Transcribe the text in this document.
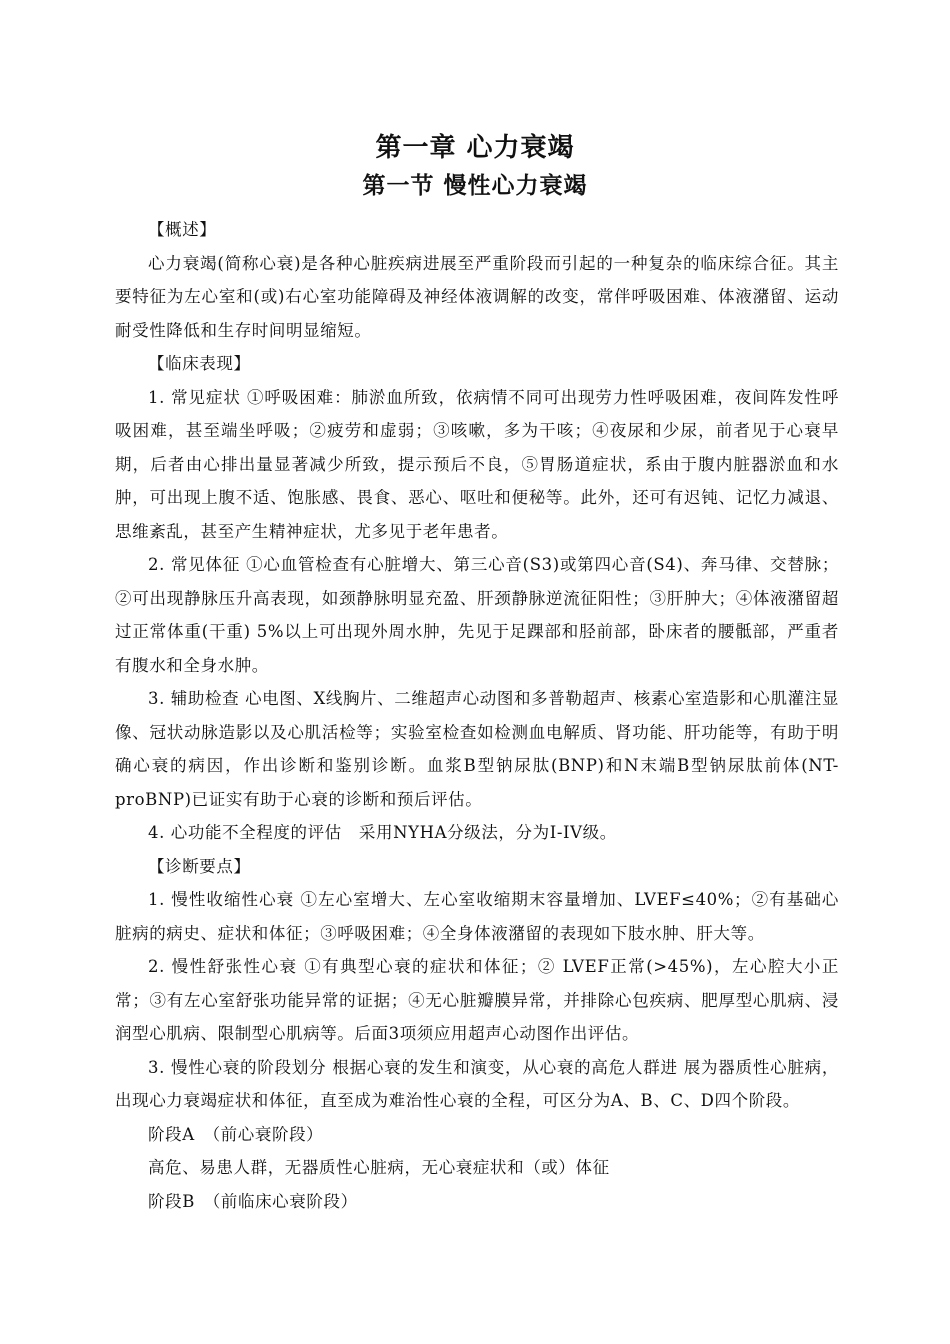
第一章 心力衰竭
第一节 慢性心力衰竭

【概述】

心力衰竭(简称心衰)是各种心脏疾病进展至严重阶段而引起的一种复杂的临床综合征。其主要特征为左心室和(或)右心室功能障碍及神经体液调解的改变，常伴呼吸困难、体液潴留、运动耐受性降低和生存时间明显缩短。

【临床表现】

1. 常见症状 ①呼吸困难：肺淤血所致，依病情不同可出现劳力性呼吸困难，夜间阵发性呼吸困难，甚至端坐呼吸；②疲劳和虚弱；③咳嗽，多为干咳；④夜尿和少尿，前者见于心衰早期，后者由心排出量显著减少所致，提示预后不良，⑤胃肠道症状，系由于腹内脏器淤血和水肿，可出现上腹不适、饱胀感、畏食、恶心、呕吐和便秘等。此外，还可有迟钝、记忆力减退、思维紊乱，甚至产生精神症状，尤多见于老年患者。

2. 常见体征 ①心血管检查有心脏增大、第三心音(S3)或第四心音(S4)、奔马律、交替脉；②可出现静脉压升高表现，如颈静脉明显充盈、肝颈静脉逆流征阳性；③肝肿大；④体液潴留超过正常体重(干重) 5%以上可出现外周水肿，先见于足踝部和胫前部，卧床者的腰骶部，严重者有腹水和全身水肿。

3. 辅助检查 心电图、X线胸片、二维超声心动图和多普勒超声、核素心室造影和心肌灌注显像、冠状动脉造影以及心肌活检等；实验室检查如检测血电解质、肾功能、肝功能等，有助于明确心衰的病因，作出诊断和鉴别诊断。血浆B型钠尿肽(BNP)和N末端B型钠尿肽前体(NT-proBNP)已证实有助于心衰的诊断和预后评估。

4. 心功能不全程度的评估　采用NYHA分级法，分为I-IV级。

【诊断要点】

1. 慢性收缩性心衰 ①左心室增大、左心室收缩期末容量增加、LVEF≤40%；②有基础心脏病的病史、症状和体征；③呼吸困难；④全身体液潴留的表现如下肢水肿、肝大等。

2. 慢性舒张性心衰 ①有典型心衰的症状和体征；② LVEF正常(>45%)，左心腔大小正常；③有左心室舒张功能异常的证据；④无心脏瓣膜异常，并排除心包疾病、肥厚型心肌病、浸润型心肌病、限制型心肌病等。后面3项须应用超声心动图作出评估。

3. 慢性心衰的阶段划分 根据心衰的发生和演变，从心衰的高危人群进 展为器质性心脏病，出现心力衰竭症状和体征，直至成为难治性心衰的全程，可区分为A、B、C、D四个阶段。

阶段A　（前心衰阶段）

高危、易患人群，无器质性心脏病，无心衰症状和（或）体征

阶段B　（前临床心衰阶段）
